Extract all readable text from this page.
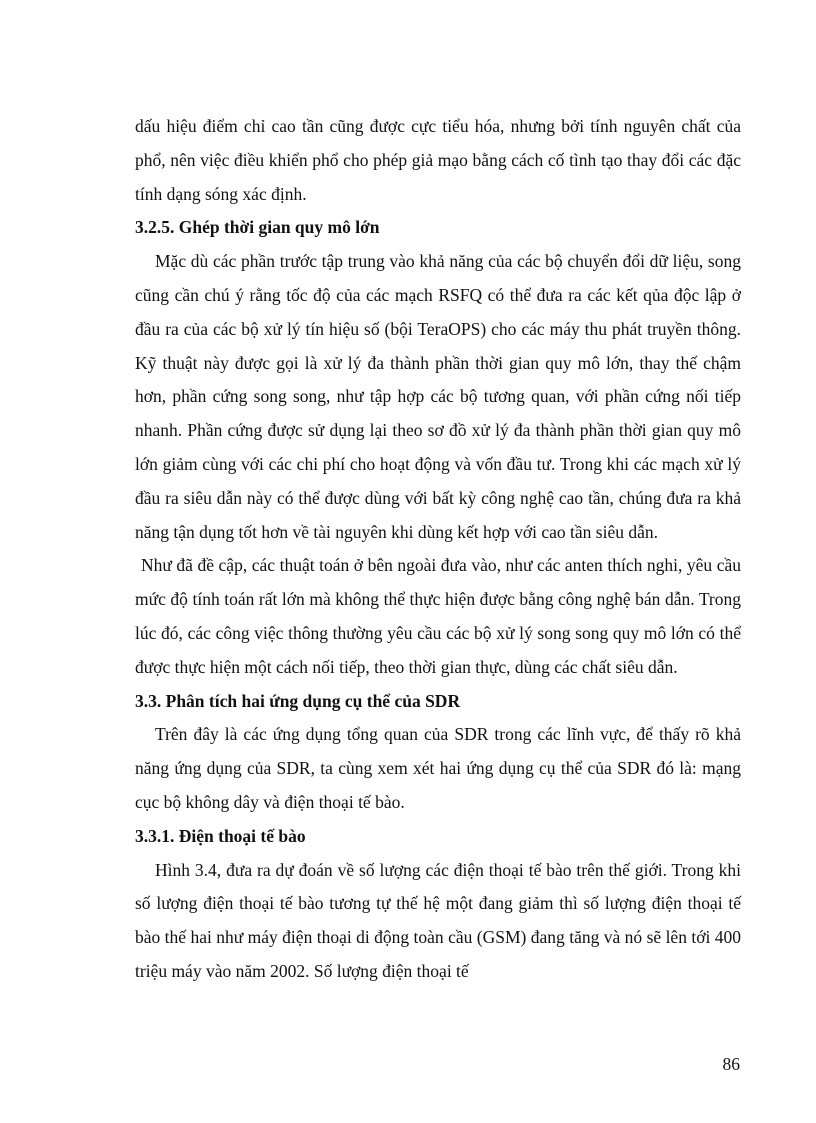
dấu hiệu điểm chỉ cao tần cũng được cực tiểu hóa, nhưng bởi tính nguyên chất của phổ, nên việc điều khiển phổ cho phép giả mạo bằng cách cố tình tạo thay đổi các đặc tính dạng sóng xác định.

3.2.5. Ghép thời gian quy mô lớn

Mặc dù các phần trước tập trung vào khả năng của các bộ chuyển đổi dữ liệu, song cũng cần chú ý rằng tốc độ của các mạch RSFQ có thể đưa ra các kết qủa độc lập ở đầu ra của các bộ xử lý tín hiệu số (bội TeraOPS) cho các máy thu phát truyền thông. Kỹ thuật này được gọi là xử lý đa thành phần thời gian quy mô lớn, thay thế chậm hơn, phần cứng song song, như tập hợp các bộ tương quan, với phần cứng nối tiếp nhanh. Phần cứng được sử dụng lại theo sơ đồ xử lý đa thành phần thời gian quy mô lớn giảm cùng với các chi phí cho hoạt động và vốn đầu tư. Trong khi các mạch xử lý đầu ra siêu dẫn này có thể được dùng với bất kỳ công nghệ cao tần, chúng đưa ra khả năng tận dụng tốt hơn về tài nguyên khi dùng kết hợp với cao tần siêu dẫn.

Như đã đề cập, các thuật toán ở bên ngoài đưa vào, như các anten thích nghi, yêu cầu mức độ tính toán rất lớn mà không thể thực hiện được bằng công nghệ bán dẫn. Trong lúc đó, các công việc thông thường yêu cầu các bộ xử lý song song quy mô lớn có thể được thực hiện một cách nối tiếp, theo thời gian thực, dùng các chất siêu dẫn.

3.3. Phân tích hai ứng dụng cụ thể của SDR

Trên đây là các ứng dụng tổng quan của SDR trong các lĩnh vực, để thấy rõ khả năng ứng dụng của SDR, ta cùng xem xét hai ứng dụng cụ thể của SDR đó là: mạng cục bộ không dây và điện thoại tế bào.

3.3.1. Điện thoại tế bào

Hình 3.4, đưa ra dự đoán về số lượng các điện thoại tế bào trên thế giới. Trong khi số lượng điện thoại tế bào tương tự thế hệ một đang giảm thì số lượng điện thoại tế bào thế hai như máy điện thoại di động toàn cầu (GSM) đang tăng và nó sẽ lên tới 400 triệu máy vào năm 2002. Số lượng điện thoại tế

86
